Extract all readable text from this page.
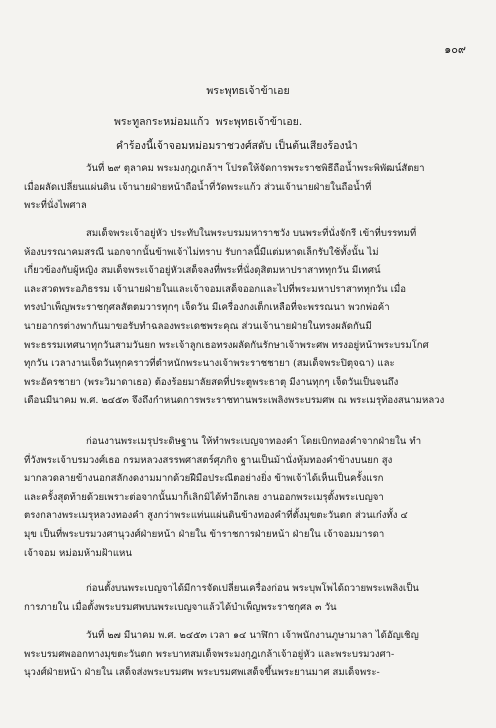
๑๐๙
พระพุทธเจ้าข้าเอย
พระทูลกระหม่อมแก้ว พระพุทธเจ้าข้าเอย.
คำร้องนี้เจ้าจอมหม่อมราชวงศ์สดับ เป็นต้นเสียงร้องนำ
วันที่ ๒๙ ตุลาคม พระมงกุฎเกล้าฯ โปรดให้จัดการพระราชพิธีถือน้ำพระพิพัฒน์สัตยา
เมื่อผลัดเปลี่ยนแผ่นดิน เจ้านายฝ่ายหน้าถือน้ำที่วัดพระแก้ว ส่วนเจ้านายฝ่ายในถือน้ำที่
พระที่นั่งไพศาล
สมเด็จพระเจ้าอยู่หัว ประทับในพระบรมมหาราชวัง บนพระที่นั่งจักรี เข้าที่บรรทมที่
ห้องบรรณาคมสรณี นอกจากนั้นข้าพเจ้าไม่ทราบ รับกาลนี้มีแต่มหาดเล็กรับใช้ทั้งนั้น ไม่
เกี่ยวข้องกับผู้หญิง สมเด็จพระเจ้าอยู่หัวเสด็จลงที่พระที่นั่งดุสิตมหาปราสาททุกวัน มีเทศน์
และสวดพระอภิธรรม เจ้านายฝ่ายในและเจ้าจอมเสด็จออกและไปที่พระมหาปราสาททุกวัน เมื่อ
ทรงบำเพ็ญพระราชกุศลสัตตมวารทุกๆ เจ็ดวัน มีเครื่องกงเต็กเหลือที่จะพรรณนา พวกพ่อค้า
นายอากรต่างพากันมาขอรับทำฉลองพระเดชพระคุณ ส่วนเจ้านายฝ่ายในทรงผลัดกันมี
พระธรรมเทศนาทุกวันสามวันยก พระเจ้าลูกเธอทรงผลัดกันรักษาเจ้าพระศพ ทรงอยู่หน้าพระบรมโกศ
ทุกวัน เวลางานเจ็ดวันทุกคราวที่ตำหนักพระนางเจ้าพระราชชายา (สมเด็จพระปิตุจฉา) และ
พระอัครชายา (พระวิมาดาเธอ) ต้องร้อยมาลัยสดที่ประตูพระธาตุ มีงานทุกๆ เจ็ดวันเป็นจนถึง
เดือนมีนาคม พ.ศ. ๒๔๕๓ จึงถึงกำหนดการพระราชทานพระเพลิงพระบรมศพ ณ พระเมรุท้องสนามหลวง
ก่อนงานพระเมรุประดิษฐาน ให้ทำพระเบญจาทองคำ โดยเบิกทองคำจากฝ่ายใน ทำ
ที่วังพระเจ้าบรมวงศ์เธอ กรมหลวงสรรพศาสตร์ศุภกิจ ฐานเป็นม้านั่งหุ้มทองคำข้างบนยก สูง
มากลวดลายข้างนอกสลักงดงามมากด้วยฝีมือประณีตอย่างยิ่ง ข้าพเจ้าได้เห็นเป็นครั้งแรก
และครั้งสุดท้ายด้วยเพราะต่อจากนั้นมาก็เลิกมิได้ทำอีกเลย งานออกพระเมรุตั้งพระเบญจา
ตรงกลางพระเมรุหลวงทองคำ สูงกว่าพระแท่นแผ่นดินข้างทองคำที่ตั้งมุขตะวันตก ส่วนเก๋งทั้ง ๔
มุข เป็นที่พระบรมวงศานุวงศ์ฝ่ายหน้า ฝ่ายใน ข้าราชการฝ่ายหน้า ฝ่ายใน เจ้าจอมมารดา
เจ้าจอม หม่อมห้ามฝ้าแหน
ก่อนตั้งบนพระเบญจาได้มีการจัดเปลี่ยนเครื่องก่อน พระบุพโพได้ถวายพระเพลิงเป็น
การภายใน เมื่อตั้งพระบรมศพบนพระเบญจาแล้วได้บำเพ็ญพระราชกุศล ๓ วัน
วันที่ ๒๗ มีนาคม พ.ศ. ๒๔๕๓ เวลา ๑๔ นาฬิกา เจ้าพนักงานภูษามาลา ได้อัญเชิญ
พระบรมศพออกทางมุขตะวันตก พระบาทสมเด็จพระมงกุฎเกล้าเจ้าอยู่หัว และพระบรมวงศา-
นุวงศ์ฝ่ายหน้า ฝ่ายใน เสด็จส่งพระบรมศพ พระบรมศพเสด็จขึ้นพระยานมาศ สมเด็จพระ-
